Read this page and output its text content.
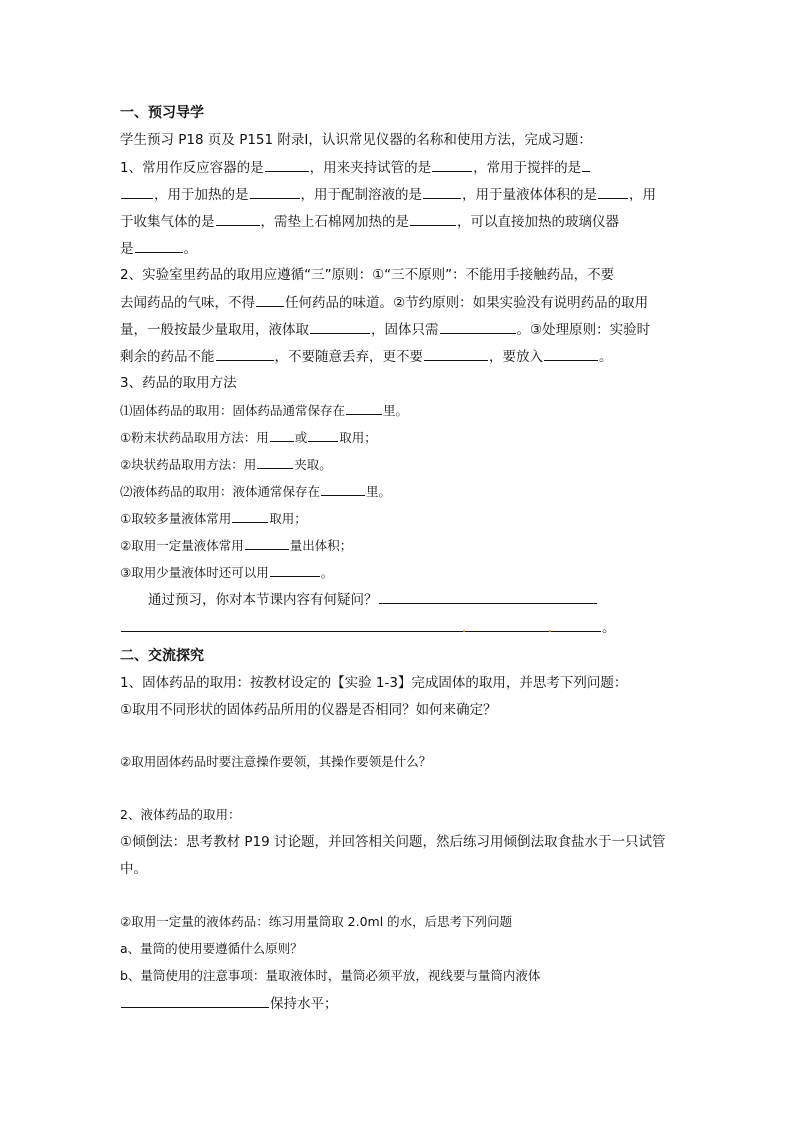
一、预习导学
学生预习 P18 页及 P151 附录Ⅰ，认识常见仪器的名称和使用方法，完成习题：
1、常用作反应容器的是	，用来夹持试管的是	，常用于搅拌的是
，用于加热的是	，用于配制溶液的是	，用于量液体体积的是 ，用
于收集气体的是	，需垫上石棉网加热的是	，可以直接加热的玻璃仪器
是	。
2、实验室里药品的取用应遵循“三”原则：①“三不原则”：不能用手接触药品，不要
去闻药品的气味，不得 任何药品的味道。②节约原则：如果实验没有说明药品的取用
量，一般按最少量取用，液体取	，固体只需	。③处理原则：实验时
剩余的药品不能	，不要随意丢弃，更不要	，要放入	。
3、药品的取用方法
⑴固体药品的取用：固体药品通常保存在	里。
①粉末状药品取用方法：用 或	取用；
②块状药品取用方法：用	夹取。
⑵液体药品的取用：液体通常保存在	里。
①取较多量液体常用	取用；
②取用一定量液体常用	量出体积；
③取用少量液体时还可以用	。
通过预习，你对本节课内容有何疑问？
。
二、交流探究
1、固体药品的取用：按教材设定的【实验 1-3】完成固体的取用，并思考下列问题：
①取用不同形状的固体药品所用的仪器是否相同？如何来确定？
②取用固体药品时要注意操作要领，其操作要领是什么？
2、液体药品的取用：
①倾倒法：思考教材 P19 讨论题，并回答相关问题，然后练习用倾倒法取食盐水于一只试管
中。
②取用一定量的液体药品：练习用量筒取 2.0ml 的水，后思考下列问题
a、量筒的使用要遵循什么原则？
b、量筒使用的注意事项：量取液体时，量筒必须平放，视线要与量筒内液体
保持水平；
